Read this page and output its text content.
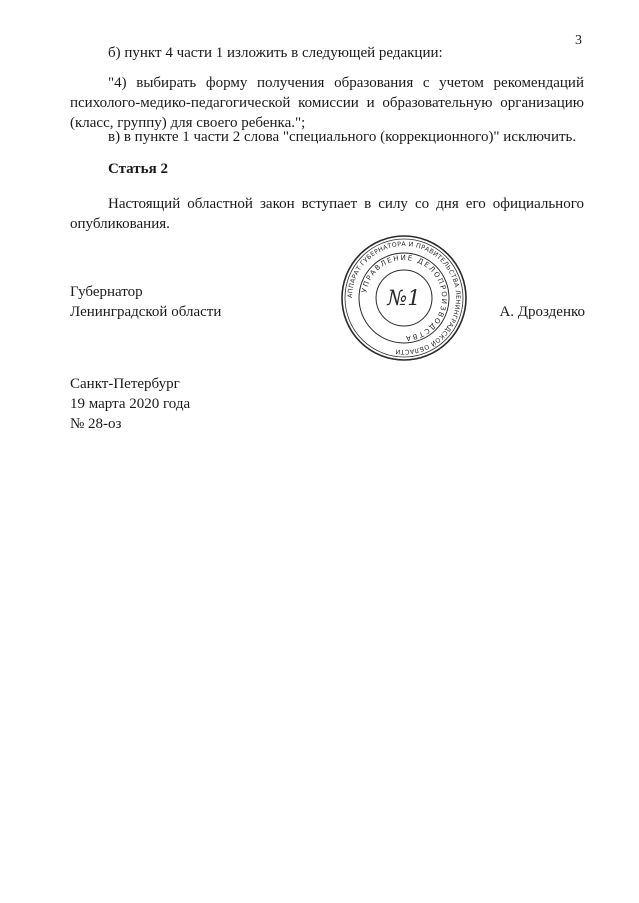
3

б) пункт 4 части 1 изложить в следующей редакции:

"4) выбирать форму получения образования с учетом рекомендаций психолого-медико-педагогической комиссии и образовательную организацию (класс, группу) для своего ребенка.";

в) в пункте 1 части 2 слова "специального (коррекционного)" исключить.

Статья 2

Настоящий областной закон вступает в силу со дня его официального опубликования.

Губернатор
Ленинградской области	А. Дрозденко
АППАРАТ ГУБЕРНАТОРА И ПРАВИТЕЛЬСТВА ЛЕНИНГРАДСКОЙ ОБЛАСТИ
УПРАВЛЕНИЕ ДЕЛОПРОИЗВОДСТВА
№1
Санкт-Петербург
19 марта 2020 года
№ 28-оз
